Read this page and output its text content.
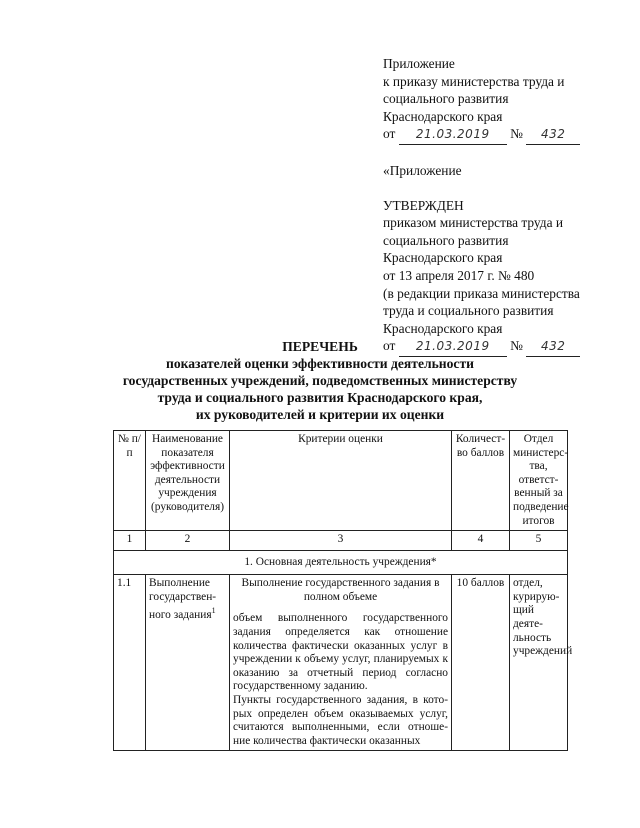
Приложение
к приказу министерства труда и
социального развития
Краснодарского края
от 21.03.2019 № 432
«Приложение
УТВЕРЖДЕН
приказом министерства труда и
социального развития
Краснодарского края
от 13 апреля 2017 г. № 480
(в редакции приказа министерства
труда и социального развития
Краснодарского края
от 21.03.2019 № 432
ПЕРЕЧЕНЬ
показателей оценки эффективности деятельности
государственных учреждений, подведомственных министерству
труда и социального развития Краснодарского края,
их руководителей и критерии их оценки
№ п/п	Наименование показателя эффективности деятельности учреждения (руководителя)	Критерии оценки	Количест-во баллов	Отдел министерс-тва, ответст-венный за подведение итогов
1	2	3	4	5
1. Основная деятельность учреждения*				
1.1	Выполнение государствен-ного задания$^1$	Выполнение государственного задания в полном объеме
объем выполненного государственного задания определяется как отношение количества фактически оказанных услуг в учреждении к объему услуг, планируемых к оказанию за отчетный период согласно государственному заданию.
Пункты государственного задания, в кото-рых определен объем оказываемых услуг, считаются выполненными, если отноше-ние количества фактически оказанных	10 баллов	отдел, курирую-щий деяте-льность учреждений
